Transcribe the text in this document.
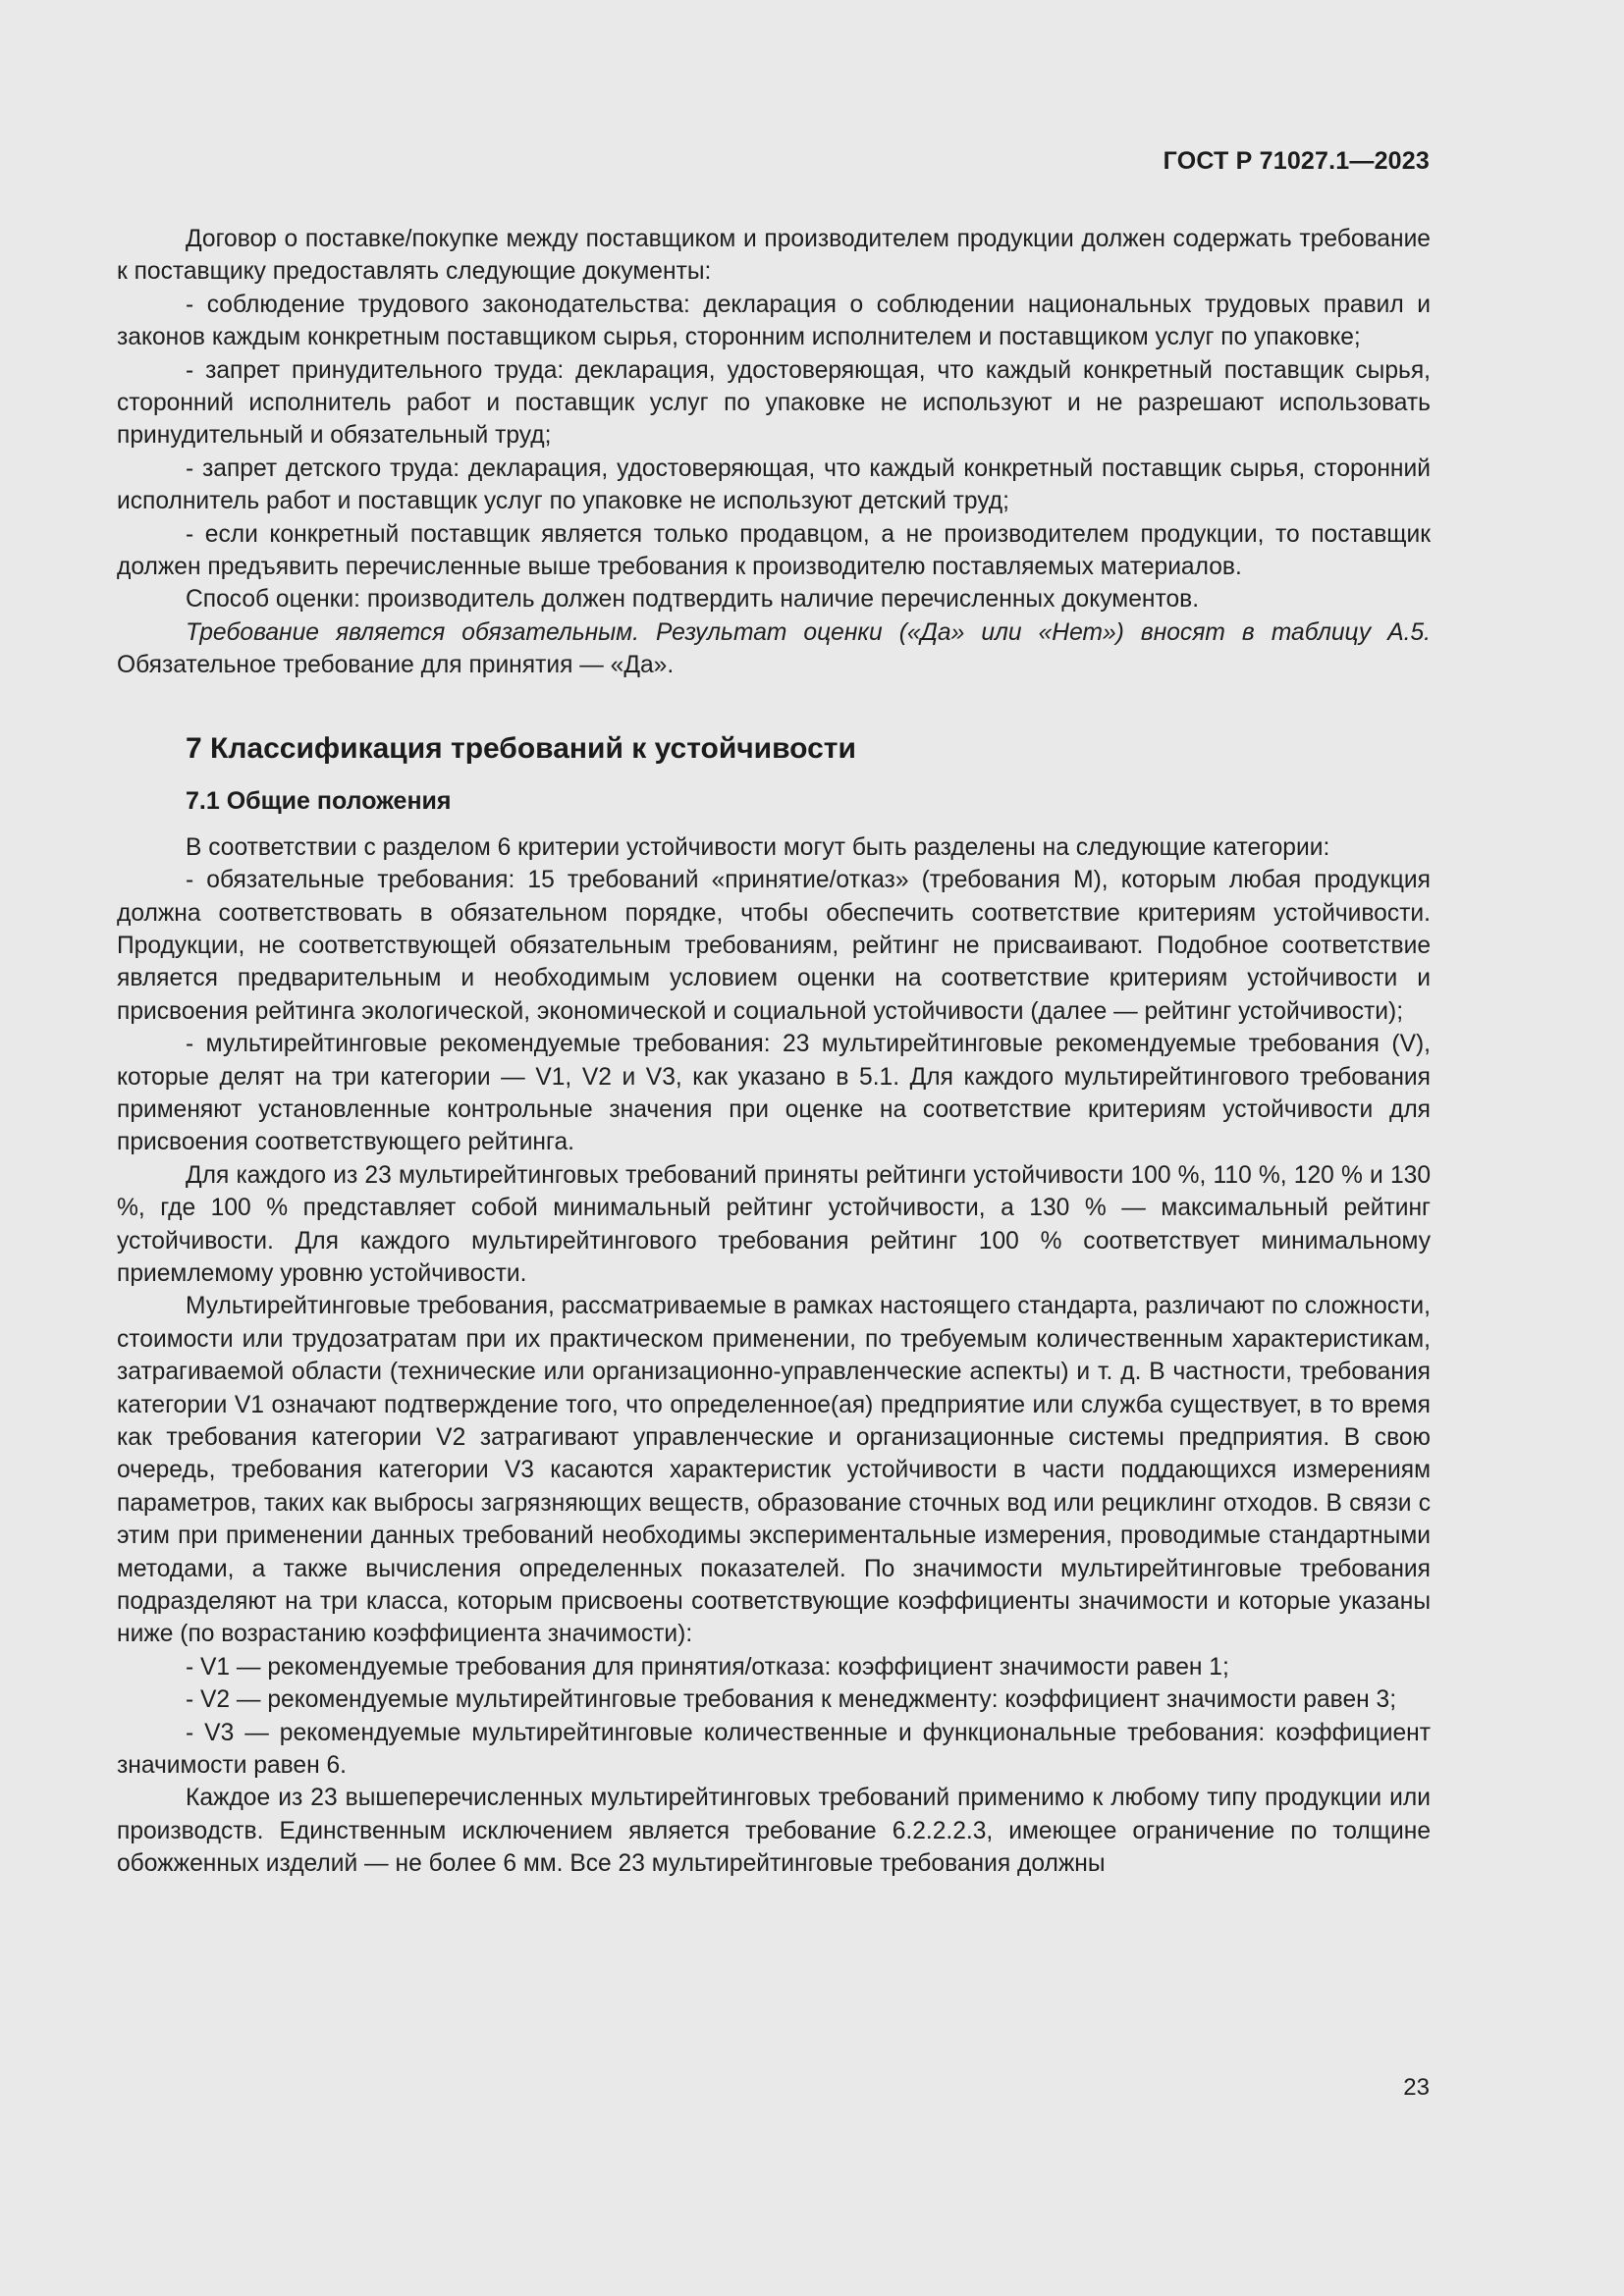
ГОСТ Р 71027.1—2023

Договор о поставке/покупке между поставщиком и производителем продукции должен содержать требование к поставщику предоставлять следующие документы:

- соблюдение трудового законодательства: декларация о соблюдении национальных трудовых правил и законов каждым конкретным поставщиком сырья, сторонним исполнителем и поставщиком услуг по упаковке;

- запрет принудительного труда: декларация, удостоверяющая, что каждый конкретный поставщик сырья, сторонний исполнитель работ и поставщик услуг по упаковке не используют и не разрешают использовать принудительный и обязательный труд;

- запрет детского труда: декларация, удостоверяющая, что каждый конкретный поставщик сырья, сторонний исполнитель работ и поставщик услуг по упаковке не используют детский труд;

- если конкретный поставщик является только продавцом, а не производителем продукции, то поставщик должен предъявить перечисленные выше требования к производителю поставляемых материалов.

Способ оценки: производитель должен подтвердить наличие перечисленных документов.

Требование является обязательным. Результат оценки («Да» или «Нет») вносят в таблицу А.5. Обязательное требование для принятия — «Да».

7 Классификация требований к устойчивости
7.1 Общие положения

В соответствии с разделом 6 критерии устойчивости могут быть разделены на следующие категории:

- обязательные требования: 15 требований «принятие/отказ» (требования M), которым любая продукция должна соответствовать в обязательном порядке, чтобы обеспечить соответствие критериям устойчивости. Продукции, не соответствующей обязательным требованиям, рейтинг не присваивают. Подобное соответствие является предварительным и необходимым условием оценки на соответствие критериям устойчивости и присвоения рейтинга экологической, экономической и социальной устойчивости (далее — рейтинг устойчивости);

- мультирейтинговые рекомендуемые требования: 23 мультирейтинговые рекомендуемые требования (V), которые делят на три категории — V1, V2 и V3, как указано в 5.1. Для каждого мультирейтингового требования применяют установленные контрольные значения при оценке на соответствие критериям устойчивости для присвоения соответствующего рейтинга.

Для каждого из 23 мультирейтинговых требований приняты рейтинги устойчивости 100 %, 110 %, 120 % и 130 %, где 100 % представляет собой минимальный рейтинг устойчивости, а 130 % — максимальный рейтинг устойчивости. Для каждого мультирейтингового требования рейтинг 100 % соответствует минимальному приемлемому уровню устойчивости.

Мультирейтинговые требования, рассматриваемые в рамках настоящего стандарта, различают по сложности, стоимости или трудозатратам при их практическом применении, по требуемым количественным характеристикам, затрагиваемой области (технические или организационно-управленческие аспекты) и т. д. В частности, требования категории V1 означают подтверждение того, что определенное(ая) предприятие или служба существует, в то время как требования категории V2 затрагивают управленческие и организационные системы предприятия. В свою очередь, требования категории V3 касаются характеристик устойчивости в части поддающихся измерениям параметров, таких как выбросы загрязняющих веществ, образование сточных вод или рециклинг отходов. В связи с этим при применении данных требований необходимы экспериментальные измерения, проводимые стандартными методами, а также вычисления определенных показателей. По значимости мультирейтинговые требования подразделяют на три класса, которым присвоены соответствующие коэффициенты значимости и которые указаны ниже (по возрастанию коэффициента значимости):

- V1 — рекомендуемые требования для принятия/отказа: коэффициент значимости равен 1;

- V2 — рекомендуемые мультирейтинговые требования к менеджменту: коэффициент значимости равен 3;

- V3 — рекомендуемые мультирейтинговые количественные и функциональные требования: коэффициент значимости равен 6.

Каждое из 23 вышеперечисленных мультирейтинговых требований применимо к любому типу продукции или производств. Единственным исключением является требование 6.2.2.2.3, имеющее ограничение по толщине обожженных изделий — не более 6 мм. Все 23 мультирейтинговые требования должны

23
